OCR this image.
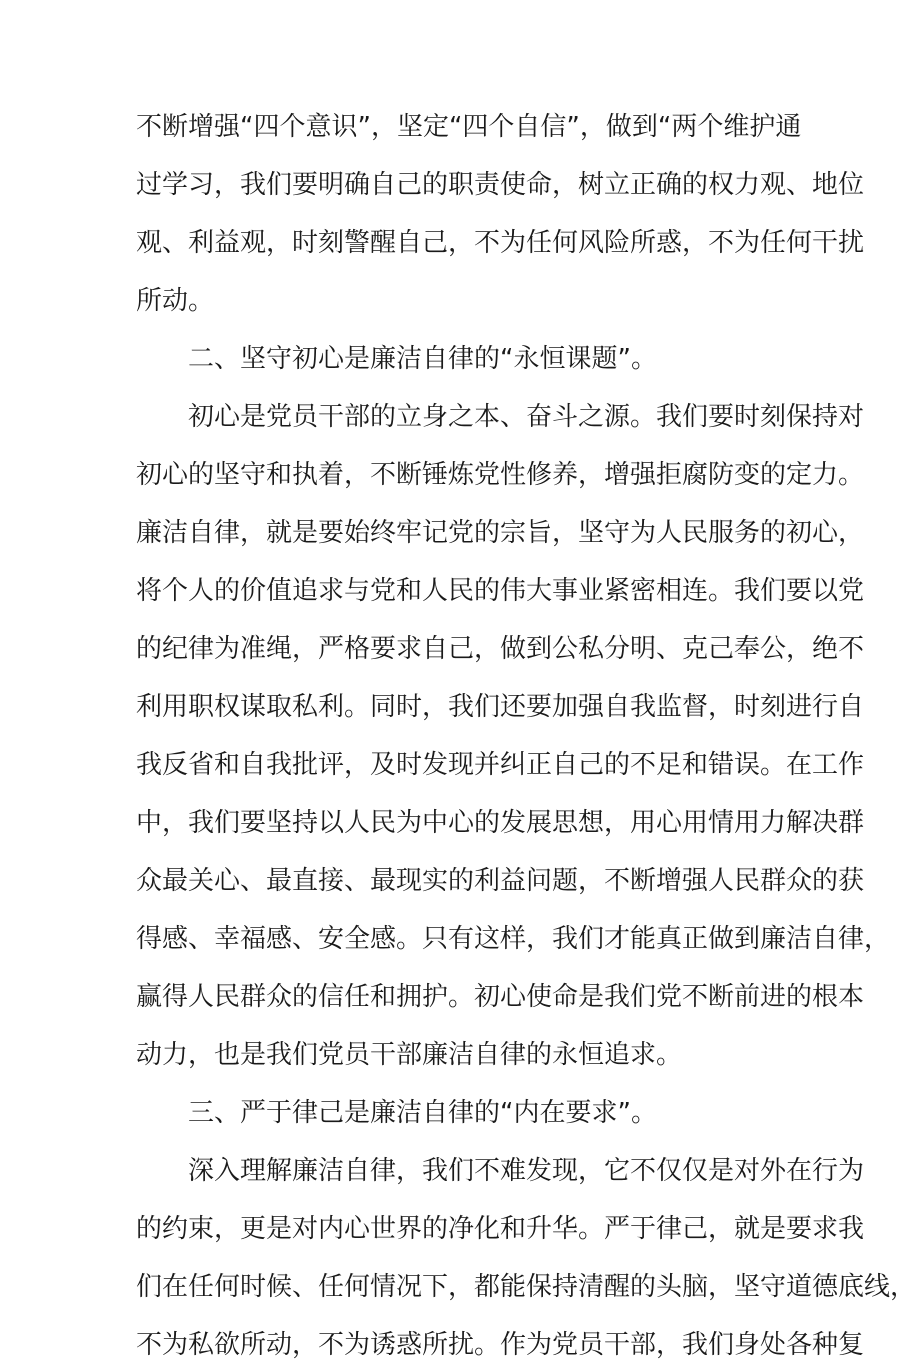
不断增强“四个意识”，坚定“四个自信”，做到“两个维护通
过学习，我们要明确自己的职责使命，树立正确的权力观、地位
观、利益观，时刻警醒自己，不为任何风险所惑，不为任何干扰
所动。
二、坚守初心是廉洁自律的“永恒课题”。
初心是党员干部的立身之本、奋斗之源。我们要时刻保持对
初心的坚守和执着，不断锤炼党性修养，增强拒腐防变的定力。
廉洁自律，就是要始终牢记党的宗旨，坚守为人民服务的初心，
将个人的价值追求与党和人民的伟大事业紧密相连。我们要以党
的纪律为准绳，严格要求自己，做到公私分明、克己奉公，绝不
利用职权谋取私利。同时，我们还要加强自我监督，时刻进行自
我反省和自我批评，及时发现并纠正自己的不足和错误。在工作
中，我们要坚持以人民为中心的发展思想，用心用情用力解决群
众最关心、最直接、最现实的利益问题，不断增强人民群众的获
得感、幸福感、安全感。只有这样，我们才能真正做到廉洁自律，
赢得人民群众的信任和拥护。初心使命是我们党不断前进的根本
动力，也是我们党员干部廉洁自律的永恒追求。
三、严于律己是廉洁自律的“内在要求”。
深入理解廉洁自律，我们不难发现，它不仅仅是对外在行为
的约束，更是对内心世界的净化和升华。严于律己，就是要求我
们在任何时候、任何情况下，都能保持清醒的头脑，坚守道德底线，
不为私欲所动，不为诱惑所扰。作为党员干部，我们身处各种复
